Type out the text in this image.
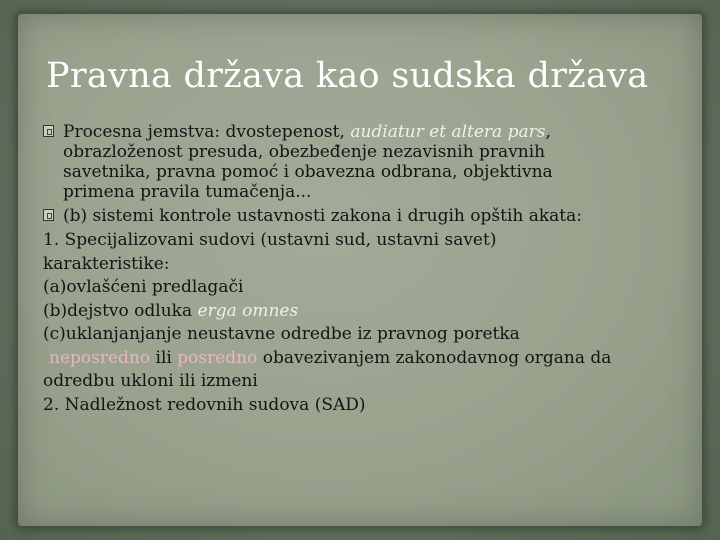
Pravna država kao sudska država
Procesna jemstva: dvostepenost, audiatur et altera pars,
obrazloženost presuda, obezbeđenje nezavisnih pravnih
savetnika, pravna pomoć i obavezna odbrana, objektivna
primena pravila tumačenja...
(b) sistemi kontrole ustavnosti zakona i drugih opštih akata:
1. Specijalizovani sudovi (ustavni sud, ustavni savet)
karakteristike:
(a)ovlašćeni predlagači
(b)dejstvo odluka erga omnes
(c)uklanjanjanje neustavne odredbe iz pravnog poretka
neposredno ili posredno obavezivanjem zakonodavnog organa da
odredbu ukloni ili izmeni
2. Nadležnost redovnih sudova (SAD)
